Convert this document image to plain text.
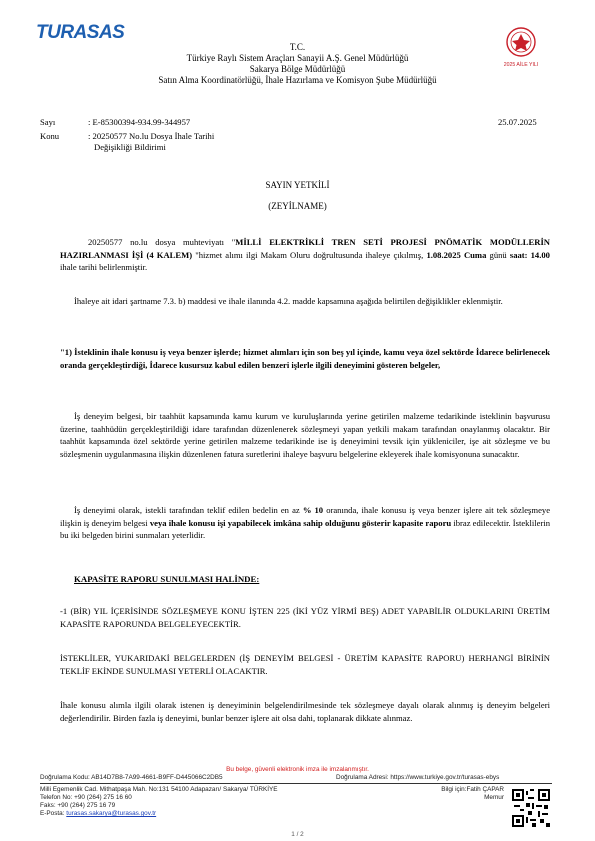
TURASAS
2025 AİLE YILI
T.C.
Türkiye Raylı Sistem Araçları Sanayii A.Ş. Genel Müdürlüğü
Sakarya Bölge Müdürlüğü
Satın Alma Koordinatörlüğü, İhale Hazırlama ve Komisyon Şube Müdürlüğü
Sayı	: E-85300394-934.99-344957	25.07.2025
Konu	: 20250577 No.lu Dosya İhale Tarihi
Değişikliği Bildirimi
SAYIN YETKİLİ
(ZEYİLNAME)
20250577 no.lu dosya muhteviyatı "MİLLİ ELEKTRİKLİ TREN SETİ PROJESİ PNÖMATİK MODÜLLERİN HAZIRLANMASI İŞİ (4 KALEM) "hizmet alımı ilgi Makam Oluru doğrultusunda ihaleye çıkılmış, 1.08.2025 Cuma günü saat: 14.00 ihale tarihi belirlenmiştir.
İhaleye ait idari şartname 7.3. b) maddesi ve ihale ilanında 4.2. madde kapsamına aşağıda belirtilen değişiklikler eklenmiştir.
"1) İsteklinin ihale konusu iş veya benzer işlerde; hizmet alımları için son beş yıl içinde, kamu veya özel sektörde İdarece belirlenecek oranda gerçekleştirdiği, İdarece kusursuz kabul edilen benzeri işlerle ilgili deneyimini gösteren belgeler,
İş deneyim belgesi, bir taahhüt kapsamında kamu kurum ve kuruluşlarında yerine getirilen malzeme tedarikinde isteklinin başvurusu üzerine, taahhüdün gerçekleştirildiği idare tarafından düzenlenerek sözleşmeyi yapan yetkili makam tarafından onaylanmış olacaktır. Bir taahhüt kapsamında özel sektörde yerine getirilen malzeme tedarikinde ise iş deneyimini tevsik için yükleniciler, işe ait sözleşme ve bu sözleşmenin uygulanmasına ilişkin düzenlenen fatura suretlerini ihaleye başvuru belgelerine ekleyerek ihale komisyonuna sunacaktır.
İş deneyimi olarak, istekli tarafından teklif edilen bedelin en az % 10 oranında, ihale konusu iş veya benzer işlere ait tek sözleşmeye ilişkin iş deneyim belgesi veya ihale konusu işi yapabilecek imkâna sahip olduğunu gösterir kapasite raporu ibraz edilecektir. İsteklilerin bu iki belgeden birini sunmaları yeterlidir.
KAPASİTE RAPORU SUNULMASI HALİNDE:
-1 (BİR) YIL İÇERİSİNDE SÖZLEŞMEYE KONU İŞTEN 225 (İKİ YÜZ YİRMİ BEŞ) ADET YAPABİLİR OLDUKLARINI ÜRETİM KAPASİTE RAPORUNDA BELGELEYECEKTİR.
İSTEKLİLER, YUKARIDAKİ BELGELERDEN (İŞ DENEYİM BELGESİ - ÜRETİM KAPASİTE RAPORU) HERHANGİ BİRİNİN TEKLİF EKİNDE SUNULMASI YETERLİ OLACAKTIR.
İhale konusu alımla ilgili olarak istenen iş deneyiminin belgelendirilmesinde tek sözleşmeye dayalı olarak alınmış iş deneyim belgeleri değerlendirilir. Birden fazla iş deneyimi, bunlar benzer işlere ait olsa dahi, toplanarak dikkate alınmaz.
Bu belge, güvenli elektronik imza ile imzalanmıştır.
Doğrulama Kodu: AB14D7B8-7A99-4661-B9FF-D445066C2DB5	Doğrulama Adresi: https://www.turkiye.gov.tr/turasas-ebys
Milli Egemenlik Cad. Mithatpaşa Mah. No:131 54100 Adapazarı/ Sakarya/ TÜRKİYE
Telefon No: +90 (264) 275 16 60
Faks: +90 (264) 275 16 79
E-Posta: turasas.sakarya@turasas.gov.tr
Bilgi için:Fatih ÇAPAR
Memur
1 / 2
